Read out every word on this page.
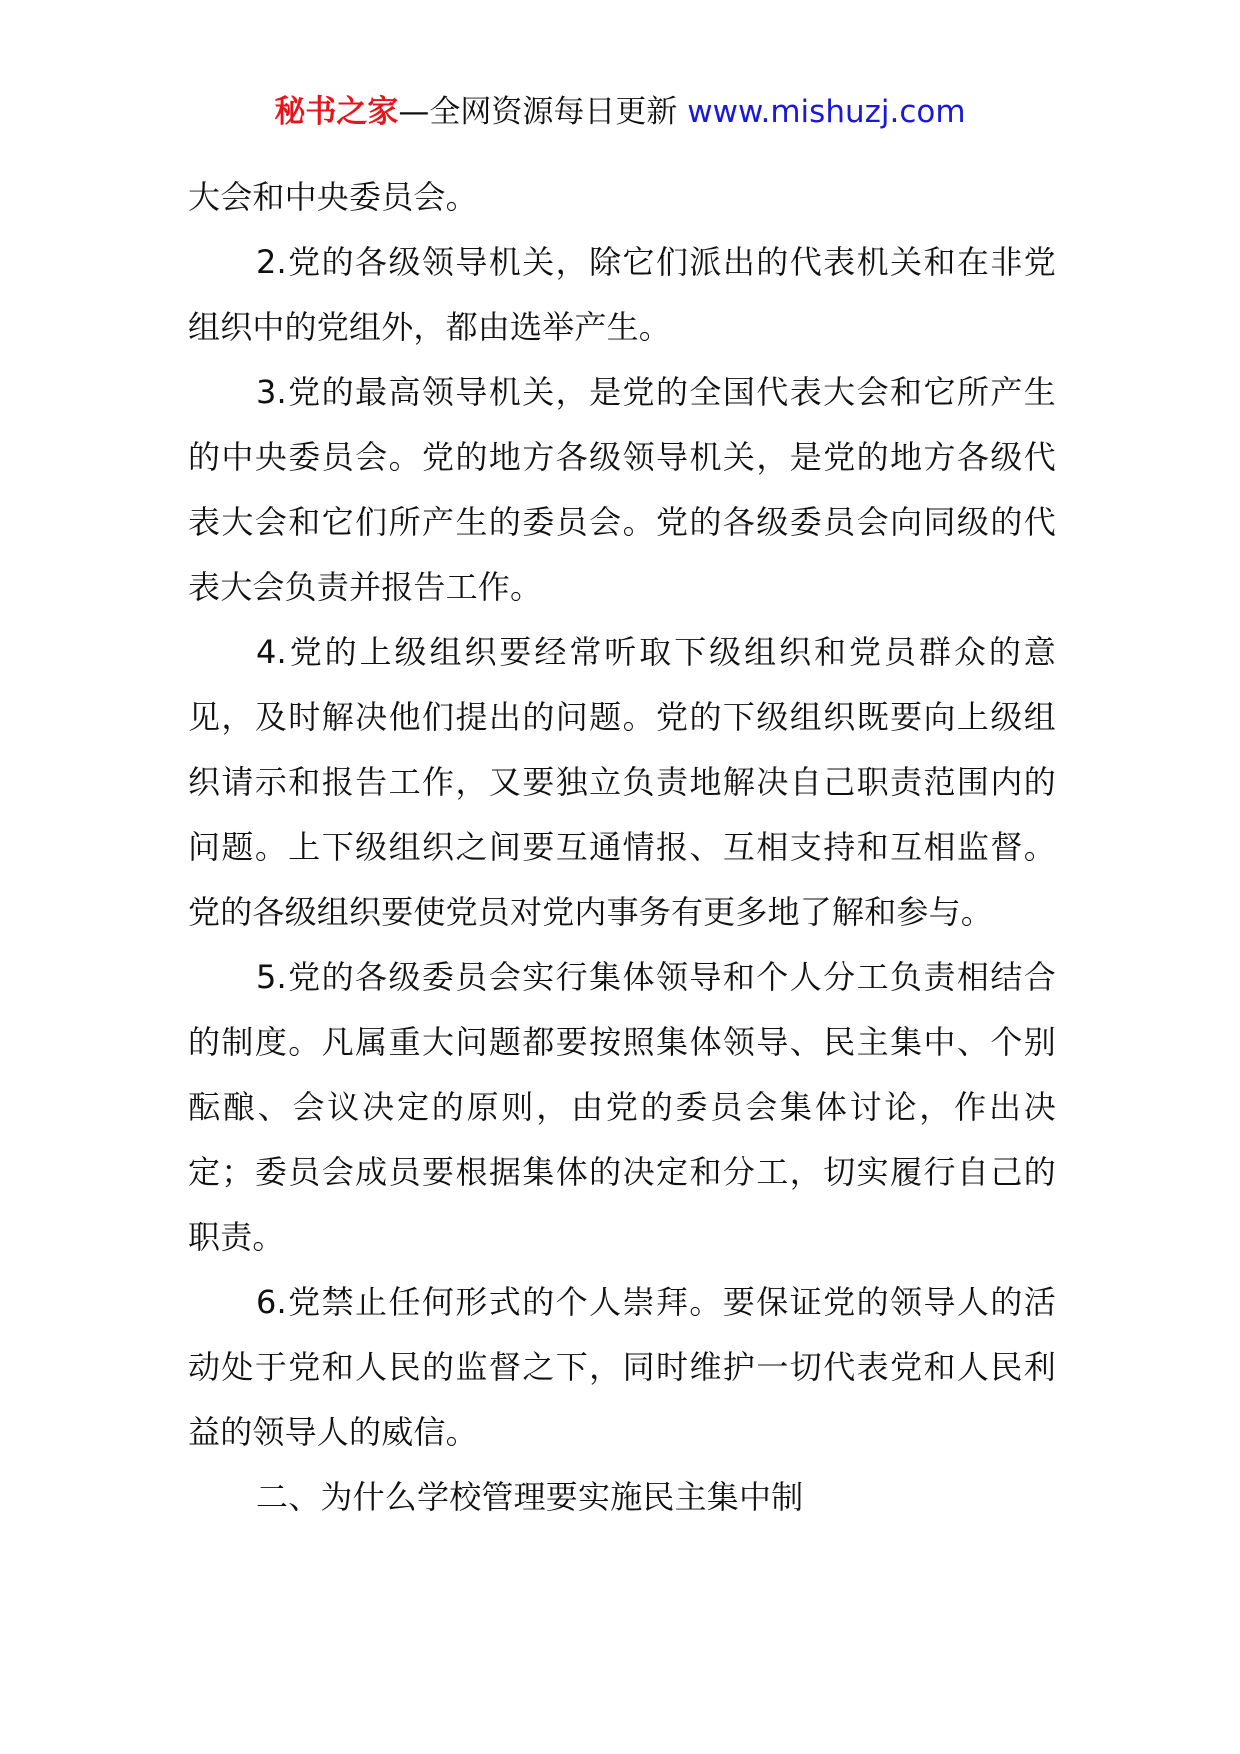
秘书之家—全网资源每日更新 www.mishuzj.com

大会和中央委员会。

2.党的各级领导机关，除它们派出的代表机关和在非党组织中的党组外，都由选举产生。

3.党的最高领导机关，是党的全国代表大会和它所产生的中央委员会。党的地方各级领导机关，是党的地方各级代表大会和它们所产生的委员会。党的各级委员会向同级的代表大会负责并报告工作。

4.党的上级组织要经常听取下级组织和党员群众的意见，及时解决他们提出的问题。党的下级组织既要向上级组织请示和报告工作，又要独立负责地解决自己职责范围内的问题。上下级组织之间要互通情报、互相支持和互相监督。党的各级组织要使党员对党内事务有更多地了解和参与。

5.党的各级委员会实行集体领导和个人分工负责相结合的制度。凡属重大问题都要按照集体领导、民主集中、个别酝酿、会议决定的原则，由党的委员会集体讨论，作出决定；委员会成员要根据集体的决定和分工，切实履行自己的职责。

6.党禁止任何形式的个人崇拜。要保证党的领导人的活动处于党和人民的监督之下，同时维护一切代表党和人民利益的领导人的威信。

二、为什么学校管理要实施民主集中制
